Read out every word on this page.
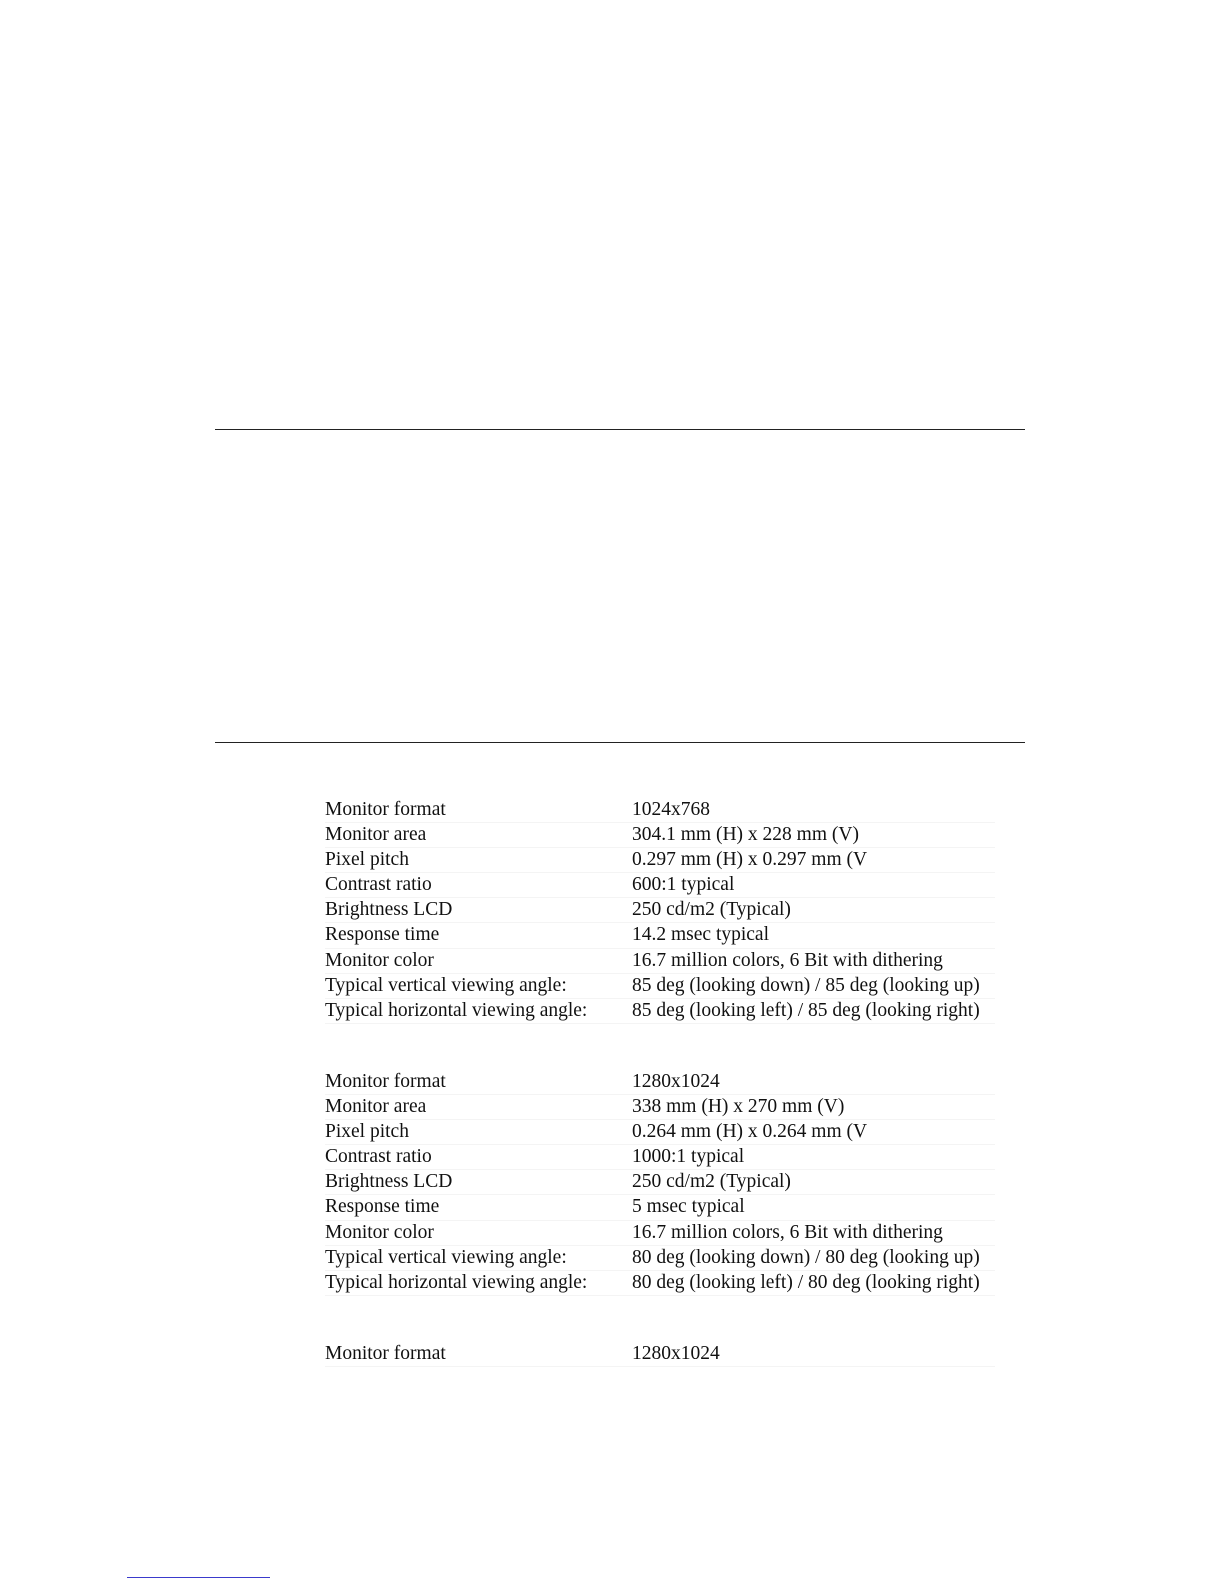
Monitor format	1024x768
Monitor area	304.1 mm (H) x 228 mm (V)
Pixel pitch	0.297 mm (H) x 0.297 mm (V
Contrast ratio	600:1 typical
Brightness LCD	250 cd/m2 (Typical)
Response time	14.2 msec typical
Monitor color	16.7 million colors, 6 Bit with dithering
Typical vertical viewing angle:	85 deg (looking down) / 85 deg (looking up)
Typical horizontal viewing angle:	85 deg (looking left) / 85 deg (looking right)
Monitor format	1280x1024
Monitor area	338 mm (H) x 270 mm (V)
Pixel pitch	0.264 mm (H) x 0.264 mm (V
Contrast ratio	1000:1 typical
Brightness LCD	250 cd/m2 (Typical)
Response time	5 msec typical
Monitor color	16.7 million colors, 6 Bit with dithering
Typical vertical viewing angle:	80 deg (looking down) / 80 deg (looking up)
Typical horizontal viewing angle:	80 deg (looking left) / 80 deg (looking right)
Monitor format	1280x1024
